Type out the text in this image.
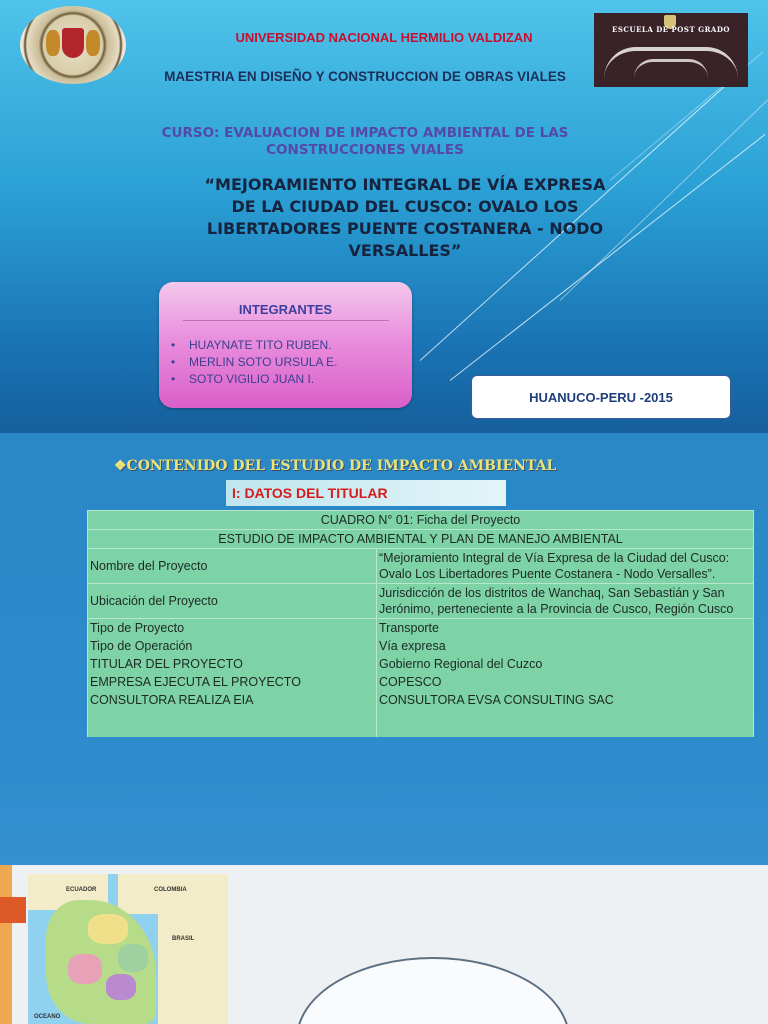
ESCUELA DE POST GRADO
UNIVERSIDAD NACIONAL HERMILIO VALDIZAN
MAESTRIA EN DISEÑO Y CONSTRUCCION DE OBRAS VIALES
CURSO: EVALUACION DE IMPACTO AMBIENTAL DE LAS CONSTRUCCIONES VIALES
“MEJORAMIENTO INTEGRAL DE VÍA EXPRESA DE LA CIUDAD DEL CUSCO: OVALO LOS LIBERTADORES PUENTE COSTANERA - NODO VERSALLES”
INTEGRANTES
• HUAYNATE TITO RUBEN.
• MERLIN SOTO URSULA E.
• SOTO VIGILIO JUAN I.
HUANUCO-PERU -2015
❖CONTENIDO DEL ESTUDIO DE IMPACTO AMBIENTAL
I: DATOS DEL TITULAR
CUADRO N° 01: Ficha del Proyecto	
ESTUDIO DE IMPACTO AMBIENTAL Y PLAN DE MANEJO AMBIENTAL	
Nombre del Proyecto	“Mejoramiento Integral de Vía Expresa de la Ciudad del Cusco: Ovalo Los Libertadores Puente Costanera - Nodo Versalles”.
Ubicación del Proyecto	Jurisdicción de los distritos de Wanchaq, San Sebastián y San Jerónimo, perteneciente a la Provincia de Cusco, Región Cusco
Tipo de Proyecto	Transporte
Tipo de Operación	Vía expresa
TITULAR DEL PROYECTO	Gobierno Regional del Cuzco
EMPRESA EJECUTA EL PROYECTO	COPESCO
CONSULTORA REALIZA EIA	CONSULTORA EVSA CONSULTING SAC
ECUADOR	COLOMBIA
BRASIL
OCEANO
